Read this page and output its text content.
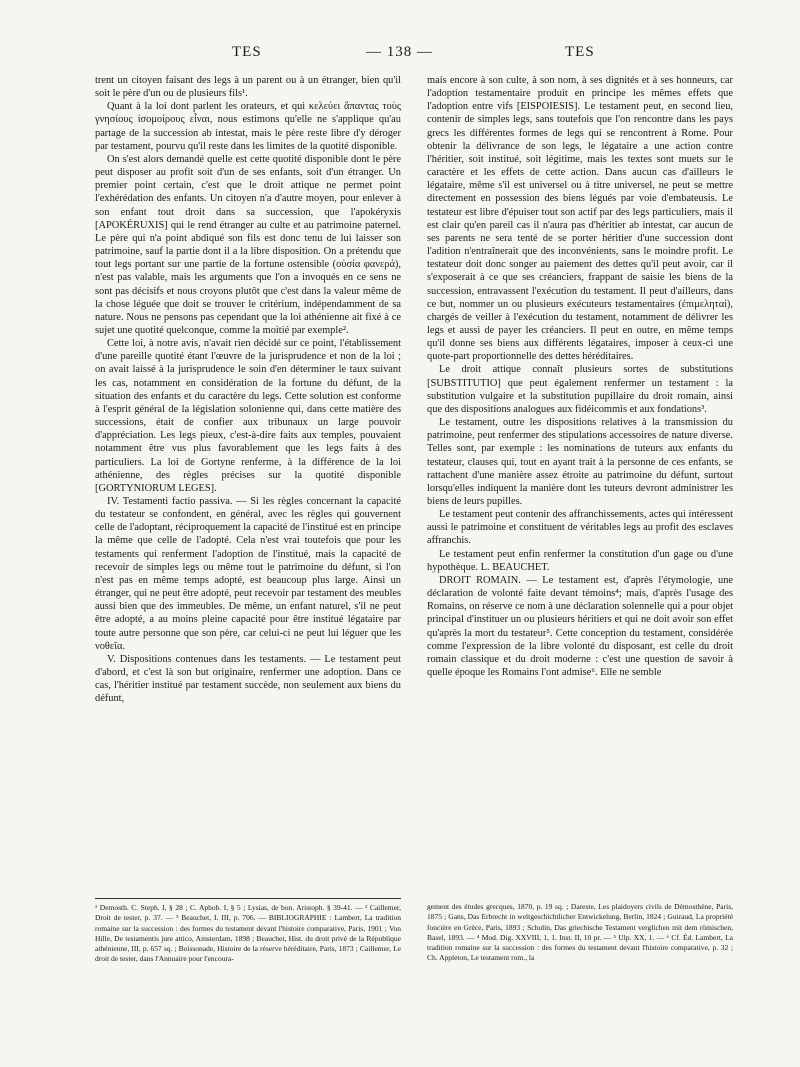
TES	— 138 —	TES

trent un citoyen faisant des legs à un parent ou à un étranger, bien qu'il soit le père d'un ou de plusieurs fils¹.

Quant à la loi dont parlent les orateurs, et qui κελεύει ἅπαντας τοὺς γνησίους ἰσομοίρους εἶναι, nous estimons qu'elle ne s'applique qu'au partage de la succession ab intestat, mais le père reste libre d'y déroger par testament, pourvu qu'il reste dans les limites de la quotité disponible.

On s'est alors demandé quelle est cette quotité disponible dont le père peut disposer au profit soit d'un de ses enfants, soit d'un étranger. Un premier point certain, c'est que le droit attique ne permet point l'exhérédation des enfants. Un citoyen n'a d'autre moyen, pour enlever à son enfant tout droit dans sa succession, que l'apokéryxis [APOKÉRUXIS] qui le rend étranger au culte et au patrimoine paternel. Le père qui n'a point abdiqué son fils est donc tenu de lui laisser son patrimoine, sauf la partie dont il a la libre disposition. On a prétendu que tout legs portant sur une partie de la fortune ostensible (οὐσία φανερά), n'est pas valable, mais les arguments que l'on a invoqués en ce sens ne sont pas décisifs et nous croyons plutôt que c'est dans la valeur même de la chose léguée que doit se trouver le critérium, indépendamment de sa nature. Nous ne pensons pas cependant que la loi athénienne ait fixé à ce sujet une quotité quelconque, comme la moitié par exemple².

Cette loi, à notre avis, n'avait rien décidé sur ce point, l'établissement d'une pareille quotité étant l'œuvre de la jurisprudence et non de la loi ; on avait laissé à la jurisprudence le soin d'en déterminer le taux suivant les cas, notamment en considération de la fortune du défunt, de la situation des enfants et du caractère du legs. Cette solution est conforme à l'esprit général de la législation solonienne qui, dans cette matière des successions, était de confier aux tribunaux un large pouvoir d'appréciation. Les legs pieux, c'est-à-dire faits aux temples, pouvaient notamment être vus plus favorablement que les legs faits à des particuliers. La loi de Gortyne renferme, à la différence de la loi athénienne, des règles précises sur la quotité disponible [GORTYNIORUM LEGES].

IV. Testamenti factio passiva. — Si les règles concernant la capacité du testateur se confondent, en général, avec les règles qui gouvernent celle de l'adoptant, réciproquement la capacité de l'institué est en principe la même que celle de l'adopté. Cela n'est vrai toutefois que pour les testaments qui renferment l'adoption de l'institué, mais la capacité de recevoir de simples legs ou même tout le patrimoine du défunt, si l'on n'est pas en même temps adopté, est beaucoup plus large. Ainsi un étranger, qui ne peut être adopté, peut recevoir par testament des meubles aussi bien que des immeubles. De même, un enfant naturel, s'il ne peut être adopté, a au moins pleine capacité pour être institué légataire par toute autre personne que son père, car celui-ci ne peut lui léguer que les νοθεῖα.

V. Dispositions contenues dans les testaments. — Le testament peut d'abord, et c'est là son but originaire, renfermer une adoption. Dans ce cas, l'héritier institué par testament succède, non seulement aux biens du défunt,

mais encore à son culte, à son nom, à ses dignités et à ses honneurs, car l'adoption testamentaire produit en principe les mêmes effets que l'adoption entre vifs [EISPOIESIS]. Le testament peut, en second lieu, contenir de simples legs, sans toutefois que l'on rencontre dans les pays grecs les différentes formes de legs qui se rencontrent à Rome. Pour obtenir la délivrance de son legs, le légataire a une action contre l'héritier, soit institué, soit légitime, mais les textes sont muets sur le caractère et les effets de cette action. Dans aucun cas d'ailleurs le légataire, même s'il est universel ou à titre universel, ne peut se mettre directement en possession des biens légués par voie d'embateusis. Le testateur est libre d'épuiser tout son actif par des legs particuliers, mais il est clair qu'en pareil cas il n'aura pas d'héritier ab intestat, car aucun de ses parents ne sera tenté de se porter héritier d'une succession dont l'adition n'entraînerait que des inconvénients, sans le moindre profit. Le testateur doit donc songer au paiement des dettes qu'il peut avoir, car il s'exposerait à ce que ses créanciers, frappant de saisie les biens de la succession, entravassent l'exécution du testament. Il peut d'ailleurs, dans ce but, nommer un ou plusieurs exécuteurs testamentaires (ἐπιμεληταί), chargés de veiller à l'exécution du testament, notamment de délivrer les legs et aussi de payer les créanciers. Il peut en outre, en même temps qu'il donne ses biens aux différents légataires, imposer à ceux-ci une quote-part proportionnelle des dettes héréditaires.

Le droit attique connaît plusieurs sortes de substitutions [SUBSTITUTIO] que peut également renfermer un testament : la substitution vulgaire et la substitution pupillaire du droit romain, ainsi que des dispositions analogues aux fidéicommis et aux fondations³.

Le testament, outre les dispositions relatives à la transmission du patrimoine, peut renfermer des stipulations accessoires de nature diverse. Telles sont, par exemple : les nominations de tuteurs aux enfants du testateur, clauses qui, tout en ayant trait à la personne de ces enfants, se rattachent d'une manière assez étroite au patrimoine du défunt, surtout lorsqu'elles indiquent la manière dont les tuteurs devront administrer les biens de leurs pupilles.

Le testament peut contenir des affranchissements, actes qui intéressent aussi le patrimoine et constituent de véritables legs au profit des esclaves affranchis.

Le testament peut enfin renfermer la constitution d'un gage ou d'une hypothèque. L. BEAUCHET.

DROIT ROMAIN. — Le testament est, d'après l'étymologie, une déclaration de volonté faite devant témoins⁴; mais, d'après l'usage des Romains, on réserve ce nom à une déclaration solennelle qui a pour objet principal d'instituer un ou plusieurs héritiers et qui ne doit avoir son effet qu'après la mort du testateur⁵. Cette conception du testament, considérée comme l'expression de la libre volonté du disposant, est celle du droit romain classique et du droit moderne : c'est une question de savoir à quelle époque les Romains l'ont admise⁶. Elle ne semble

¹ Demosth. C. Steph. I, § 28 ; C. Aphob. I, § 5 ; Lysias, de bon. Aristoph. § 39-41. — ² Caillemer, Droit de tester, p. 37. — ³ Beauchet, I. III, p. 706. — BIBLIOGRAPHIE : Lambert, La tradition romaine sur la succession : des formes du testament devant l'histoire comparative, Paris, 1901 ; Von Hille, De testamentis jure attico, Amsterdam, 1898 ; Beauchet, Hist. du droit privé de la République athénienne, III, p. 657 sq. ; Boissonade, Histoire de la réserve héréditaire, Paris, 1873 ; Caillemer, Le droit de tester, dans l'Annuaire pour l'encoura-

gement des études grecques, 1870, p. 19 sq. ; Dareste, Les plaidoyers civils de Démosthène, Paris, 1875 ; Gans, Das Erbrecht in weltgeschichtlicher Entwickelung, Berlin, 1824 ; Guiraud, La propriété foncière en Grèce, Paris, 1893 ; Schulin, Das griechische Testament verglichen mit dem römischen, Basel, 1893. — ⁴ Mod. Dig. XXVIII, 1, 1. Inst. II, 10 pr. — ⁵ Ulp. XX, 1. — ⁶ Cf. Éd. Lambert, La tradition romaine sur la succession : des formes du testament devant l'histoire comparative, p. 32 ; Ch. Appleton, Le testament rom., la
